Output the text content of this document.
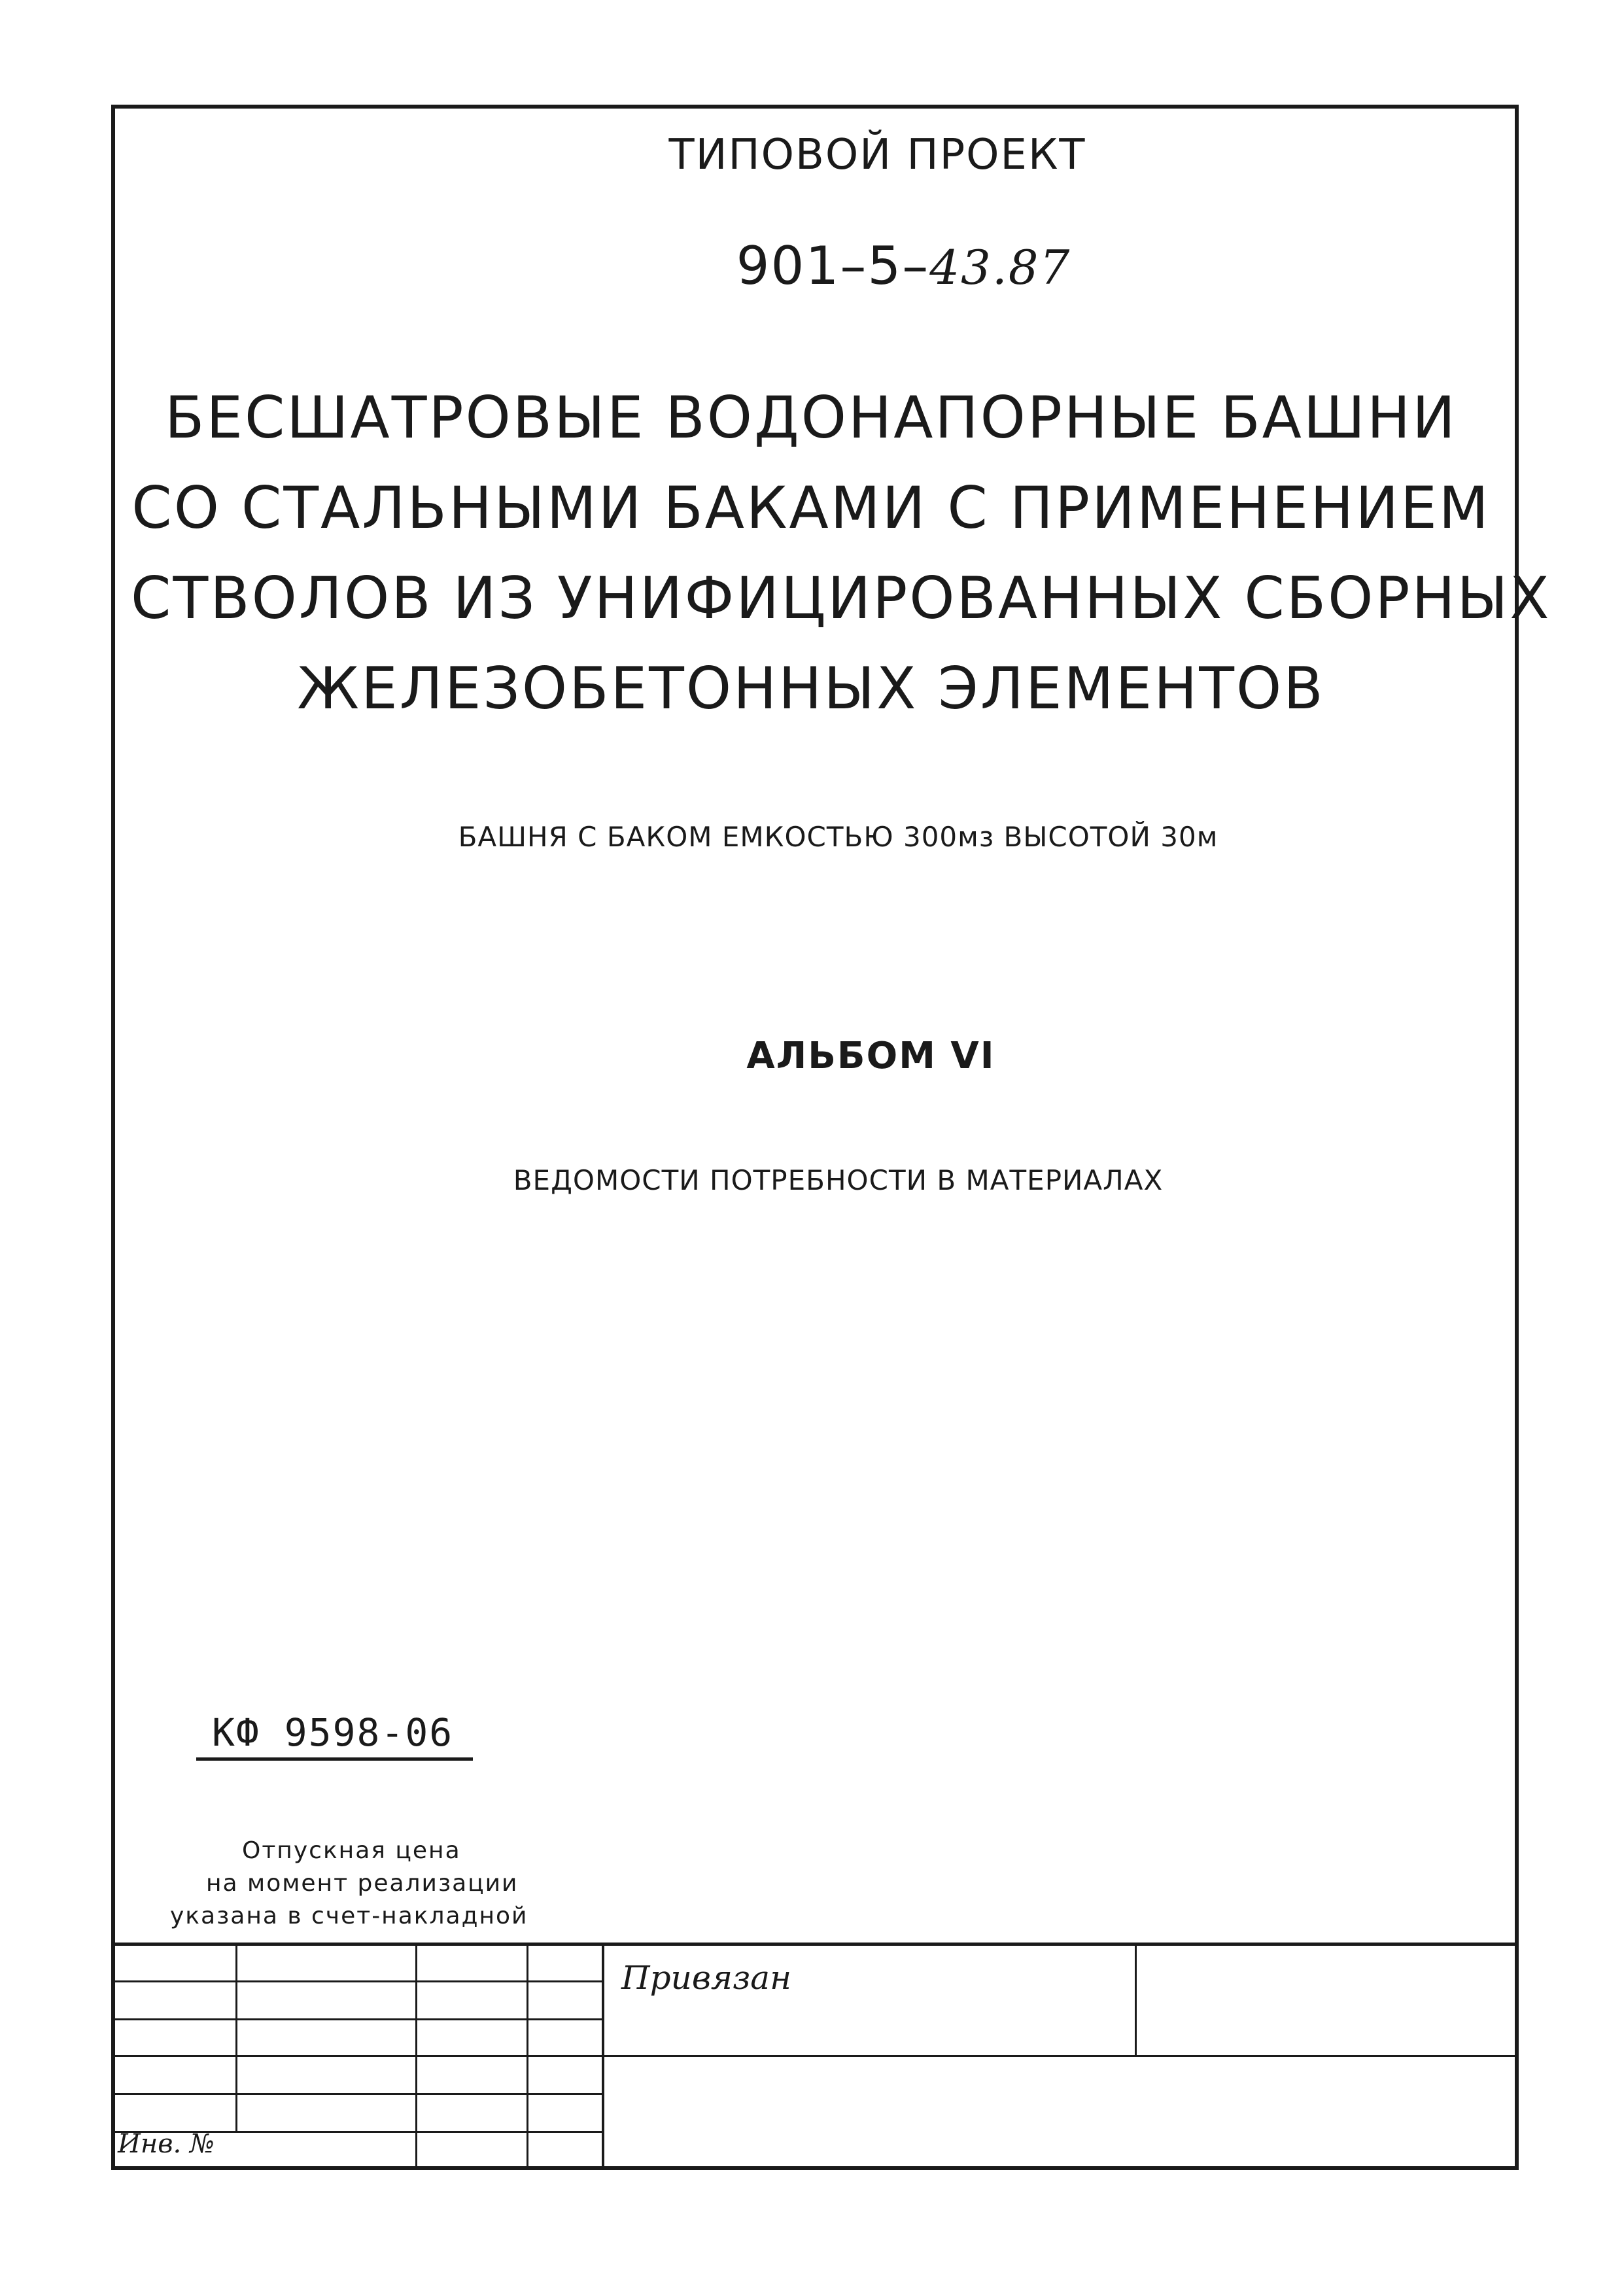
ТИПОВОЙ ПРОЕКТ
901–5–43.87
БЕСШАТРОВЫЕ ВОДОНАПОРНЫЕ БАШНИ
СО СТАЛЬНЫМИ БАКАМИ С ПРИМЕНЕНИЕМ
СТВОЛОВ ИЗ УНИФИЦИРОВАННЫХ СБОРНЫХ
ЖЕЛЕЗОБЕТОННЫХ ЭЛЕМЕНТОВ
БАШНЯ С БАКОМ ЕМКОСТЬЮ 300мз ВЫСОТОЙ 30м
АЛЬБОМ VI
ВЕДОМОСТИ ПОТРЕБНОСТИ В МАТЕРИАЛАХ
КФ 9598-06
Отпускная цена
на момент реализации
указана в счет-накладной
Привязан
Инв. №
